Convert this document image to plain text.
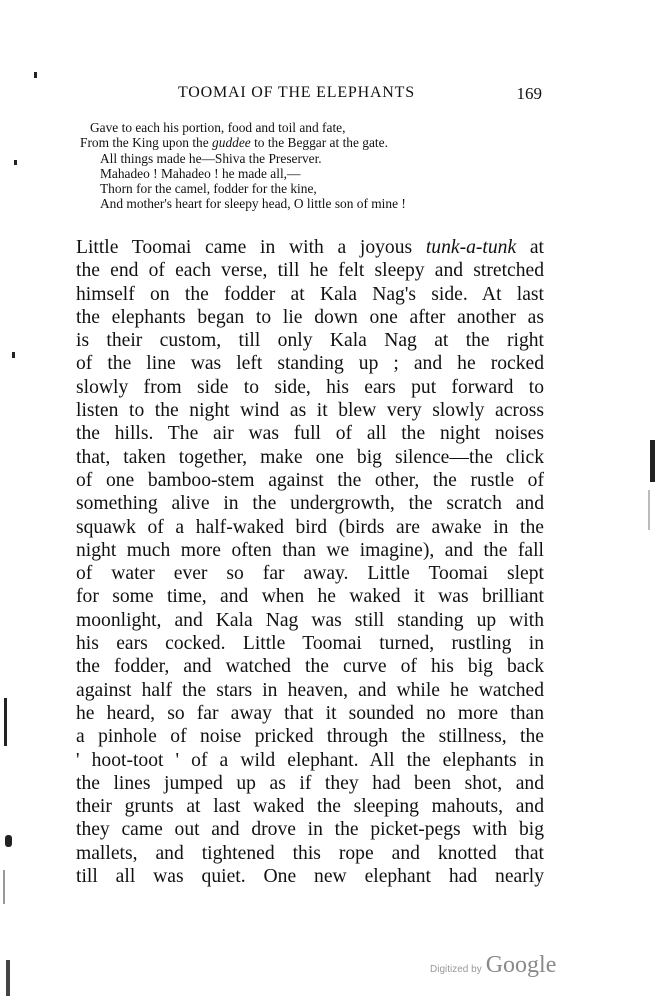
TOOMAI OF THE ELEPHANTS	169
Gave to each his portion, food and toil and fate,
From the King upon the guddee to the Beggar at the gate.
All things made he—Shiva the Preserver.
Mahadeo ! Mahadeo ! he made all,—
Thorn for the camel, fodder for the kine,
And mother's heart for sleepy head, O little son of mine !
Little Toomai came in with a joyous tunk-a-tunk at
the end of each verse, till he felt sleepy and stretched
himself on the fodder at Kala Nag's side. At last
the elephants began to lie down one after another as
is their custom, till only Kala Nag at the right
of the line was left standing up ; and he rocked
slowly from side to side, his ears put forward to
listen to the night wind as it blew very slowly across
the hills. The air was full of all the night noises
that, taken together, make one big silence—the click
of one bamboo-stem against the other, the rustle of
something alive in the undergrowth, the scratch and
squawk of a half-waked bird (birds are awake in the
night much more often than we imagine), and the fall
of water ever so far away. Little Toomai slept
for some time, and when he waked it was brilliant
moonlight, and Kala Nag was still standing up with
his ears cocked. Little Toomai turned, rustling in
the fodder, and watched the curve of his big back
against half the stars in heaven, and while he watched
he heard, so far away that it sounded no more than
a pinhole of noise pricked through the stillness, the
' hoot-toot ' of a wild elephant. All the elephants in
the lines jumped up as if they had been shot, and
their grunts at last waked the sleeping mahouts, and
they came out and drove in the picket-pegs with big
mallets, and tightened this rope and knotted that
till all was quiet. One new elephant had nearly
Digitized by Google
